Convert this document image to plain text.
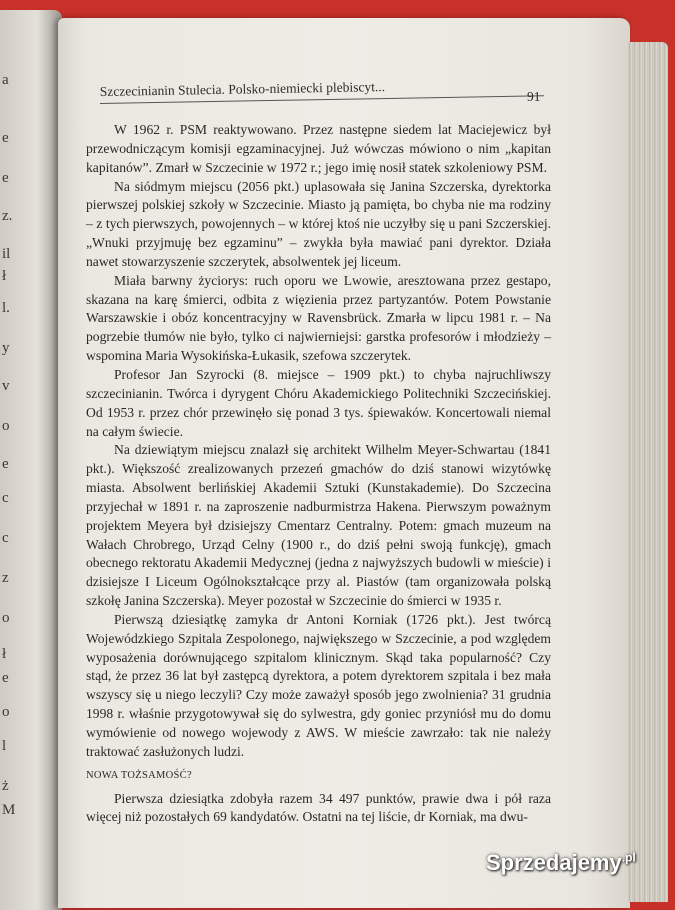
a
e
e
z.
il
ł
l.
y
v
o
e
c
c
z
o
ł
e
o
l
ż
M
Szczecinianin Stulecia. Polsko-niemiecki plebiscyt...	91

W 1962 r. PSM reaktywowano. Przez następne siedem lat Maciejewicz był przewodniczącym komisji egzaminacyjnej. Już wówczas mówiono o nim „kapitan kapitanów”. Zmarł w Szczecinie w 1972 r.; jego imię nosił statek szkoleniowy PSM.

Na siódmym miejscu (2056 pkt.) uplasowała się Janina Szczerska, dyrektorka pierwszej polskiej szkoły w Szczecinie. Miasto ją pamięta, bo chyba nie ma rodziny – z tych pierwszych, powojennych – w której ktoś nie uczyłby się u pani Szczerskiej. „Wnuki przyjmuję bez egzaminu” – zwykła była mawiać pani dyrektor. Działa nawet stowarzyszenie szczerytek, absolwentek jej liceum.

Miała barwny życiorys: ruch oporu we Lwowie, aresztowana przez gestapo, skazana na karę śmierci, odbita z więzienia przez partyzantów. Potem Powstanie Warszawskie i obóz koncentracyjny w Ravensbrück. Zmarła w lipcu 1981 r. – Na pogrzebie tłumów nie było, tylko ci najwierniejsi: garstka profesorów i młodzieży – wspomina Maria Wysokińska-Łukasik, szefowa szczerytek.

Profesor Jan Szyrocki (8. miejsce – 1909 pkt.) to chyba najruchliwszy szczecinianin. Twórca i dyrygent Chóru Akademickiego Politechniki Szczecińskiej. Od 1953 r. przez chór przewinęło się ponad 3 tys. śpiewaków. Koncertowali niemal na całym świecie.

Na dziewiątym miejscu znalazł się architekt Wilhelm Meyer-Schwartau (1841 pkt.). Większość zrealizowanych przezeń gmachów do dziś stanowi wizytówkę miasta. Absolwent berlińskiej Akademii Sztuki (Kunstakademie). Do Szczecina przyjechał w 1891 r. na zaproszenie nadburmistrza Hakena. Pierwszym poważnym projektem Meyera był dzisiejszy Cmentarz Centralny. Potem: gmach muzeum na Wałach Chrobrego, Urząd Celny (1900 r., do dziś pełni swoją funkcję), gmach obecnego rektoratu Akademii Medycznej (jedna z najwyższych budowli w mieście) i dzisiejsze I Liceum Ogólnokształcące przy al. Piastów (tam organizowała polską szkołę Janina Szczerska). Meyer pozostał w Szczecinie do śmierci w 1935 r.

Pierwszą dziesiątkę zamyka dr Antoni Korniak (1726 pkt.). Jest twórcą Wojewódzkiego Szpitala Zespolonego, największego w Szczecinie, a pod względem wyposażenia dorównującego szpitalom klinicznym. Skąd taka popularność? Czy stąd, że przez 36 lat był zastępcą dyrektora, a potem dyrektorem szpitala i bez mała wszyscy się u niego leczyli? Czy może zaważył sposób jego zwolnienia? 31 grudnia 1998 r. właśnie przygotowywał się do sylwestra, gdy goniec przyniósł mu do domu wymówienie od nowego wojewody z AWS. W mieście zawrzało: tak nie należy traktować zasłużonych ludzi.

NOWA TOŻSAMOŚĆ?

Pierwsza dziesiątka zdobyła razem 34 497 punktów, prawie dwa i pół raza więcej niż pozostałych 69 kandydatów. Ostatni na tej liście, dr Korniak, ma dwu-

Sprzedajemy$^{.pl}$
